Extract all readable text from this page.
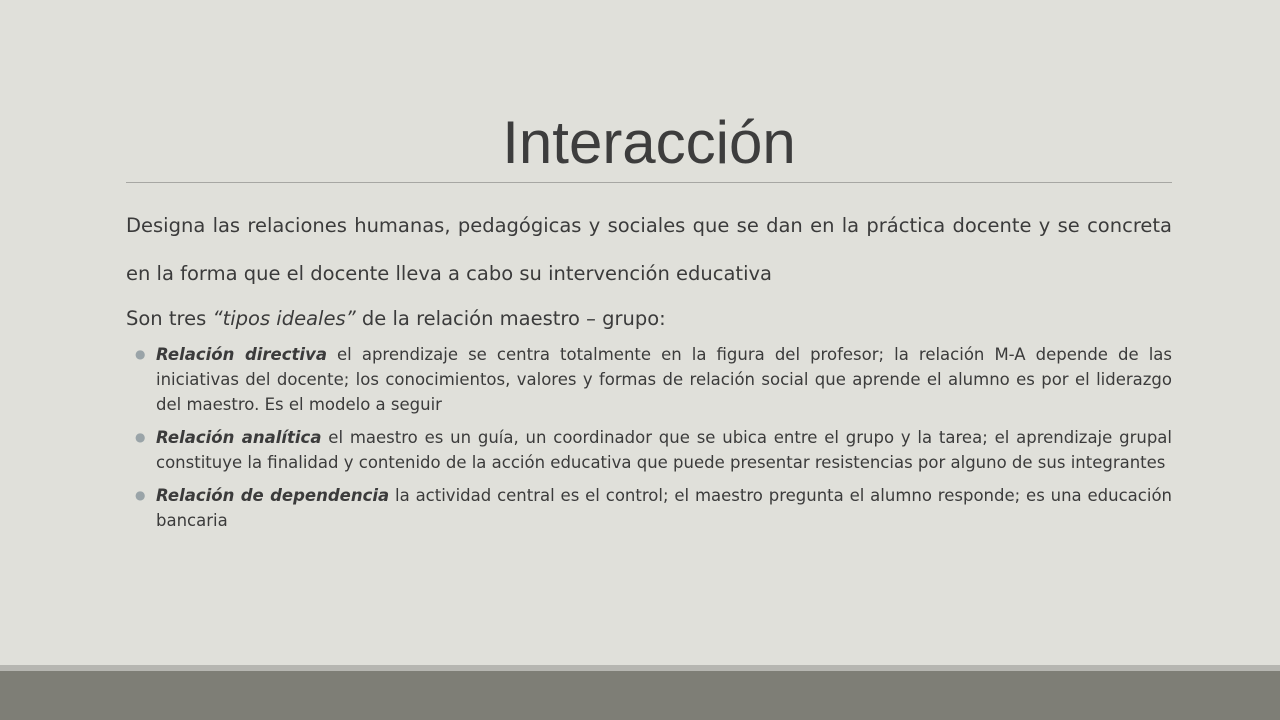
Interacción

Designa las relaciones humanas, pedagógicas y sociales que se dan en la práctica docente y se concreta en la forma que el docente lleva a cabo su intervención educativa

Son tres “tipos ideales” de la relación maestro – grupo:

● Relación directiva el aprendizaje se centra totalmente en la figura del profesor; la relación M-A depende de las iniciativas del docente; los conocimientos, valores y formas de relación social que aprende el alumno es por el liderazgo del maestro. Es el modelo a seguir
● Relación analítica el maestro es un guía, un coordinador que se ubica entre el grupo y la tarea; el aprendizaje grupal constituye la finalidad y contenido de la acción educativa que puede presentar resistencias por alguno de sus integrantes
● Relación de dependencia la actividad central es el control; el maestro pregunta el alumno responde; es una educación bancaria
